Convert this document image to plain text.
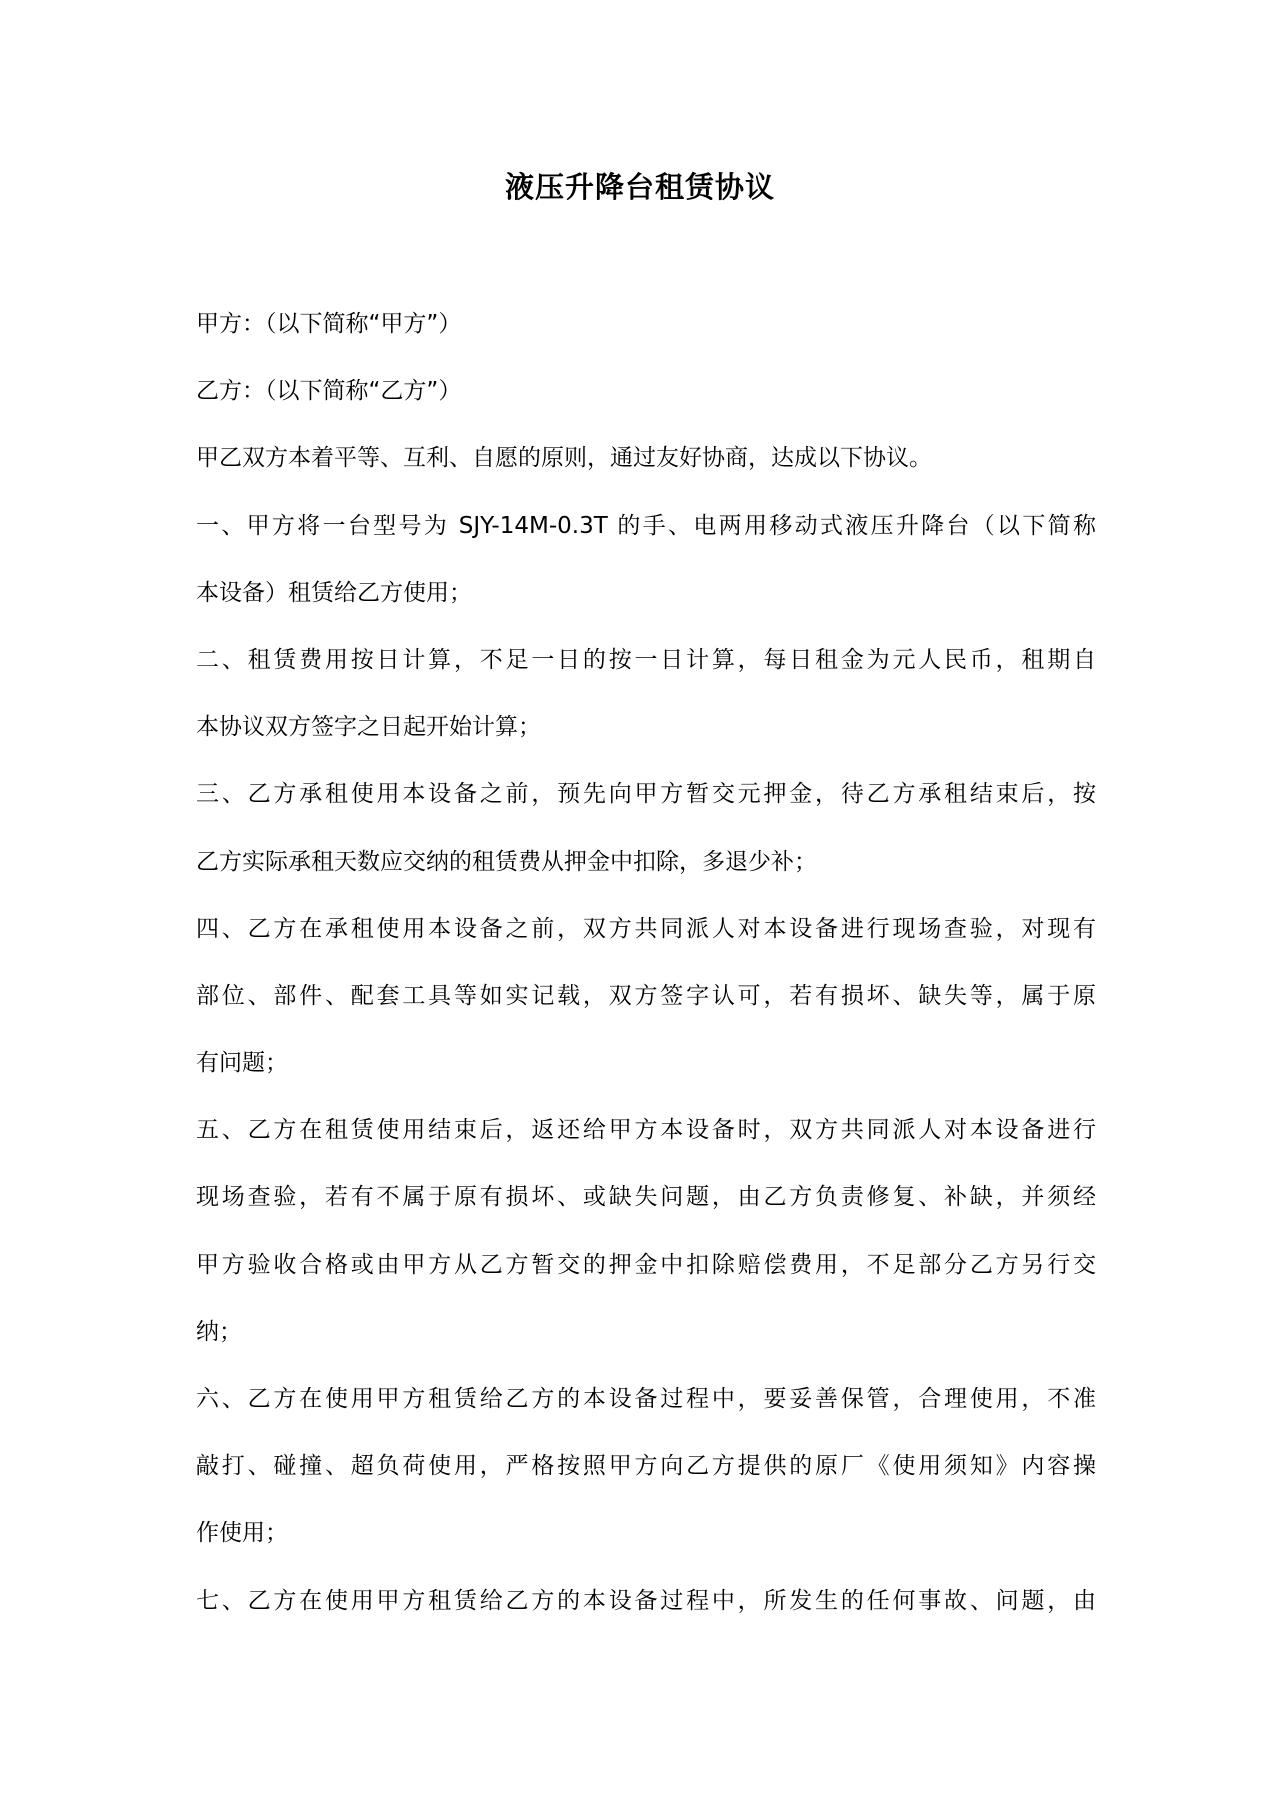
液压升降台租赁协议
甲方：（以下简称“甲方”）
乙方：（以下简称“乙方”）
甲乙双方本着平等、互利、自愿的原则，通过友好协商，达成以下协议。
一、甲方将一台型号为 SJY-14M-0.3T 的手、电两用移动式液压升降台（以下简称
本设备）租赁给乙方使用；
二、租赁费用按日计算，不足一日的按一日计算，每日租金为元人民币，租期自
本协议双方签字之日起开始计算；
三、乙方承租使用本设备之前，预先向甲方暂交元押金，待乙方承租结束后，按
乙方实际承租天数应交纳的租赁费从押金中扣除，多退少补；
四、乙方在承租使用本设备之前，双方共同派人对本设备进行现场查验，对现有
部位、部件、配套工具等如实记载，双方签字认可，若有损坏、缺失等，属于原
有问题；
五、乙方在租赁使用结束后，返还给甲方本设备时，双方共同派人对本设备进行
现场查验，若有不属于原有损坏、或缺失问题，由乙方负责修复、补缺，并须经
甲方验收合格或由甲方从乙方暂交的押金中扣除赔偿费用，不足部分乙方另行交
纳；
六、乙方在使用甲方租赁给乙方的本设备过程中，要妥善保管，合理使用，不准
敲打、碰撞、超负荷使用，严格按照甲方向乙方提供的原厂《使用须知》内容操
作使用；
七、乙方在使用甲方租赁给乙方的本设备过程中，所发生的任何事故、问题，由
